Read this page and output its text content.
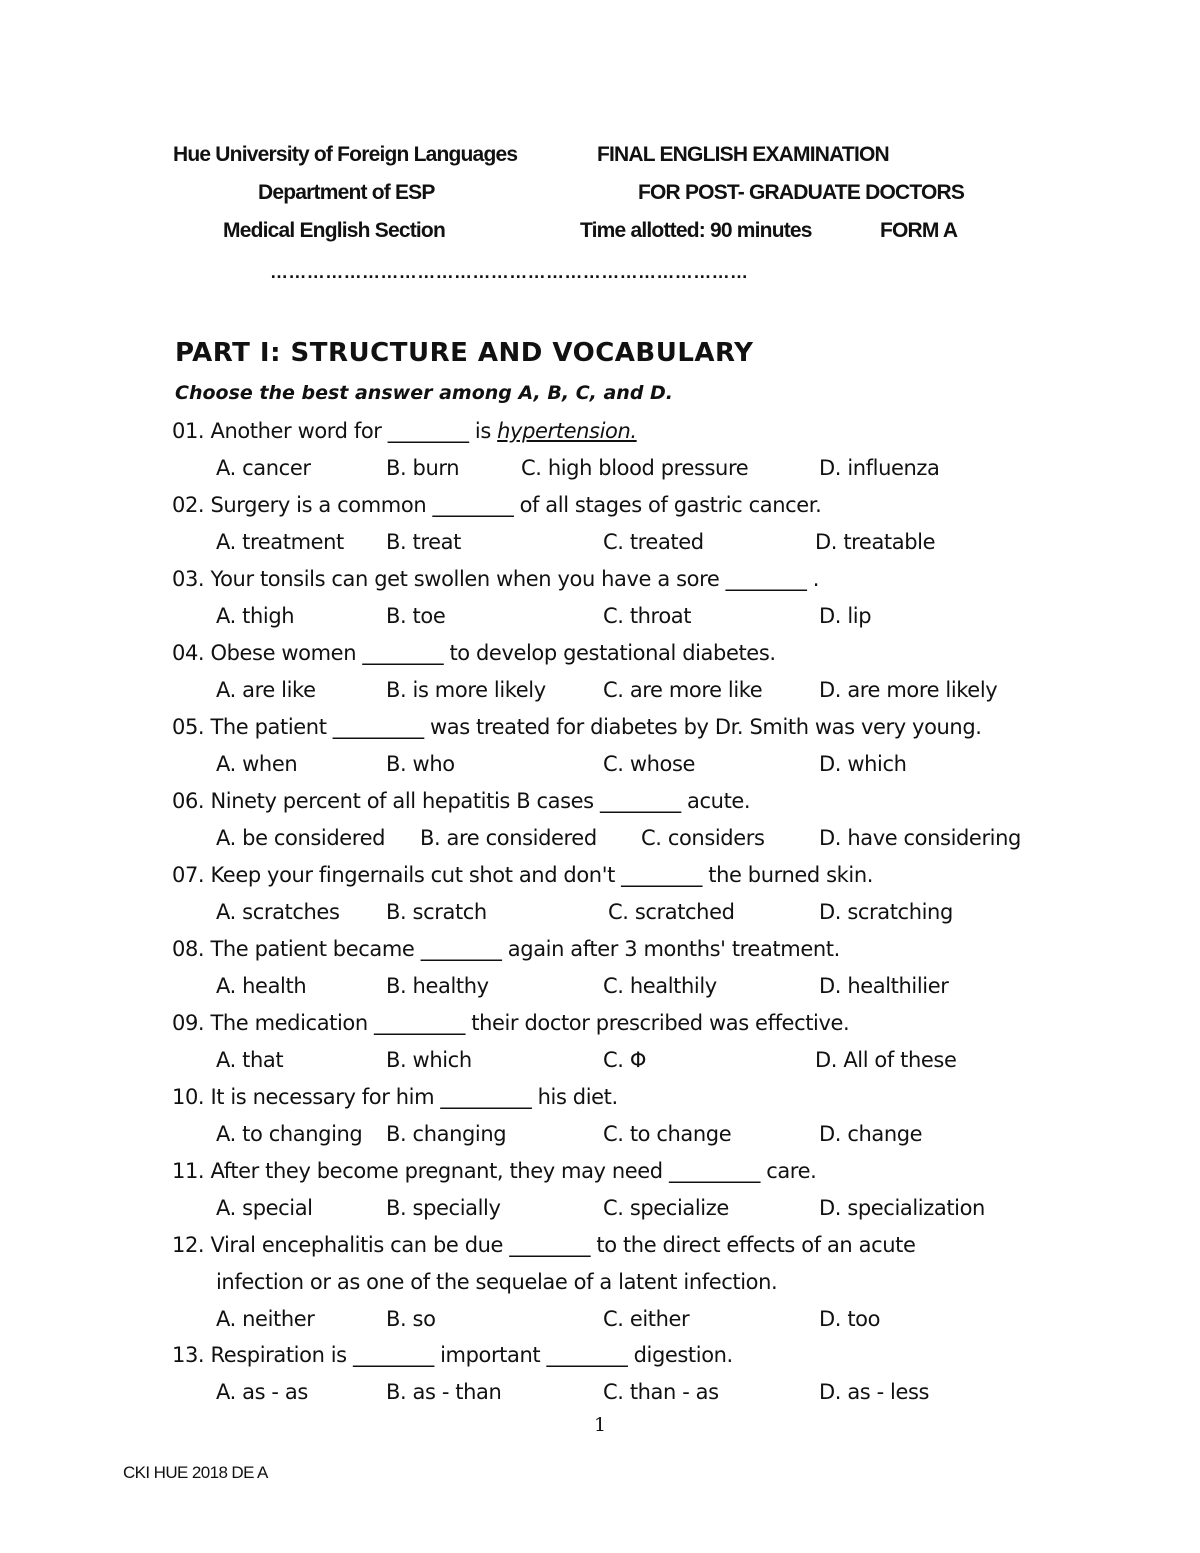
Hue University of Foreign Languages	FINAL ENGLISH EXAMINATION
Department of ESP	FOR POST- GRADUATE DOCTORS
Medical English Section	Time allotted: 90 minutes	FORM A
……………………………………………………………………
PART I: STRUCTURE AND VOCABULARY
Choose the best answer among A, B, C, and D.
01. Another word for ________ is hypertension.
A. cancer	B. burn	C. high blood pressure	D. influenza
02. Surgery is a common ________ of all stages of gastric cancer.
A. treatment B. treat	C. treated	D. treatable
03. Your tonsils can get swollen when you have a sore ________ .
A. thigh	B. toe	C. throat	D. lip
04. Obese women ________ to develop gestational diabetes.
A. are like	B. is more likely	C. are more like	D. are more likely
05. The patient _________ was treated for diabetes by Dr. Smith was very young.
A. when	B. who	C. whose	D. which
06. Ninety percent of all hepatitis B cases ________ acute.
A. be considered B. are considered C. considers	D. have considering
07. Keep your fingernails cut shot and don't ________ the burned skin.
A. scratches B. scratch	C. scratched	D. scratching
08. The patient became ________ again after 3 months' treatment.
A. health	B. healthy	C. healthily	D. healthilier
09. The medication _________ their doctor prescribed was effective.
A. that	B. which	C. Φ	D. All of these
10. It is necessary for him _________ his diet.
A. to changing B. changing	C. to change	D. change
11. After they become pregnant, they may need _________ care.
A. special	B. specially	C. specialize	D. specialization
12. Viral encephalitis can be due ________ to the direct effects of an acute
infection or as one of the sequelae of a latent infection.
A. neither	B. so	C. either	D. too
13. Respiration is ________ important ________ digestion.
A. as - as	B. as - than	C. than - as	D. as - less
1
CKI HUE 2018 DE A
